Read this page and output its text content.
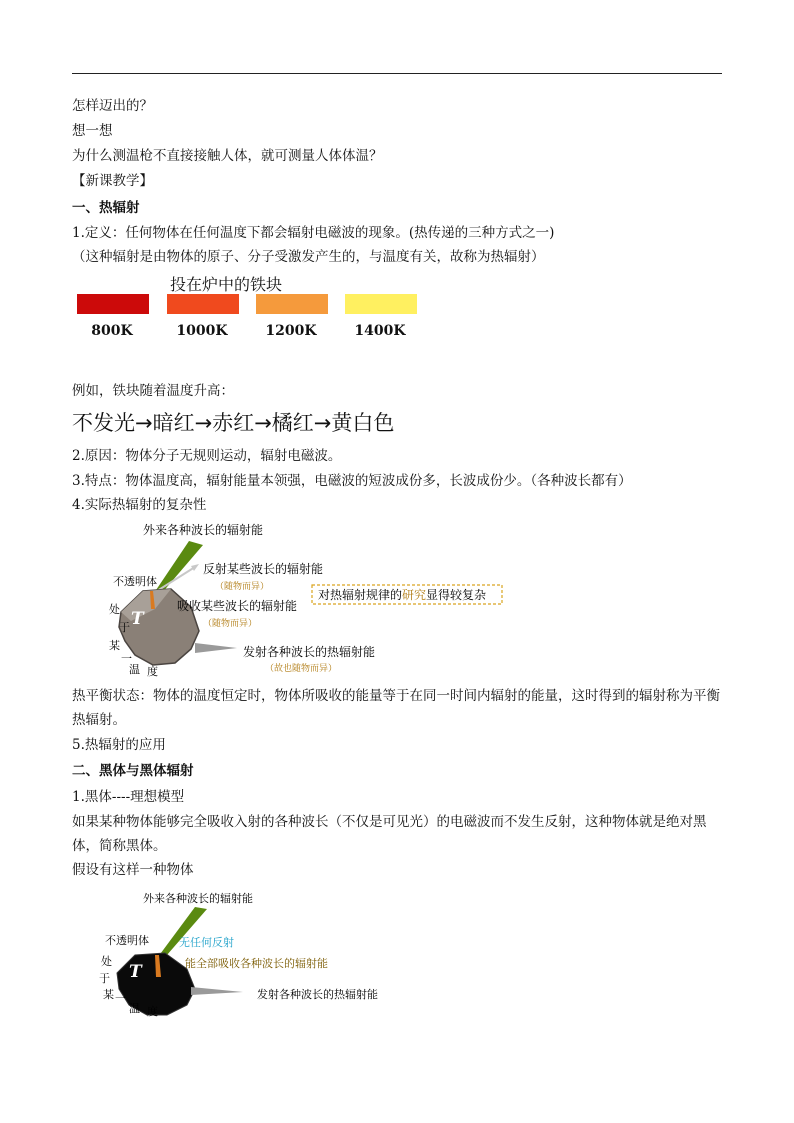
怎样迈出的？
想一想
为什么测温枪不直接接触人体，就可测量人体体温？
【新课教学】
一、热辐射
1.定义：任何物体在任何温度下都会辐射电磁波的现象。(热传递的三种方式之一)
（这种辐射是由物体的原子、分子受激发产生的，与温度有关，故称为热辐射）
投在炉中的铁块
800K	1000K	1200K	1400K
例如，铁块随着温度升高：
不发光→暗红→赤红→橘红→黄白色
2.原因：物体分子无规则运动，辐射电磁波。
3.特点：物体温度高，辐射能量本领强，电磁波的短波成份多，长波成份少。（各种波长都有）
4.实际热辐射的复杂性
外来各种波长的辐射能
不透明体
反射某些波长的辐射能
（随物而异）
T
吸收某些波长的辐射能
（随物而异）
发射各种波长的热辐射能
（故也随物而异）
对热辐射规律的研究显得较复杂
处
于
某
一
温 度
热平衡状态：物体的温度恒定时，物体所吸收的能量等于在同一时间内辐射的能量，这时得到的辐射称为平衡热辐射。
5.热辐射的应用
二、黑体与黑体辐射
1.黑体----理想模型
如果某种物体能够完全吸收入射的各种波长（不仅是可见光）的电磁波而不发生反射，这种物体就是绝对黑体，简称黑体。
假设有这样一种物体
外来各种波长的辐射能
不透明体	无任何反射
T	能全部吸收各种波长的辐射能
发射各种波长的热辐射能
处
于
某 一
温 度
